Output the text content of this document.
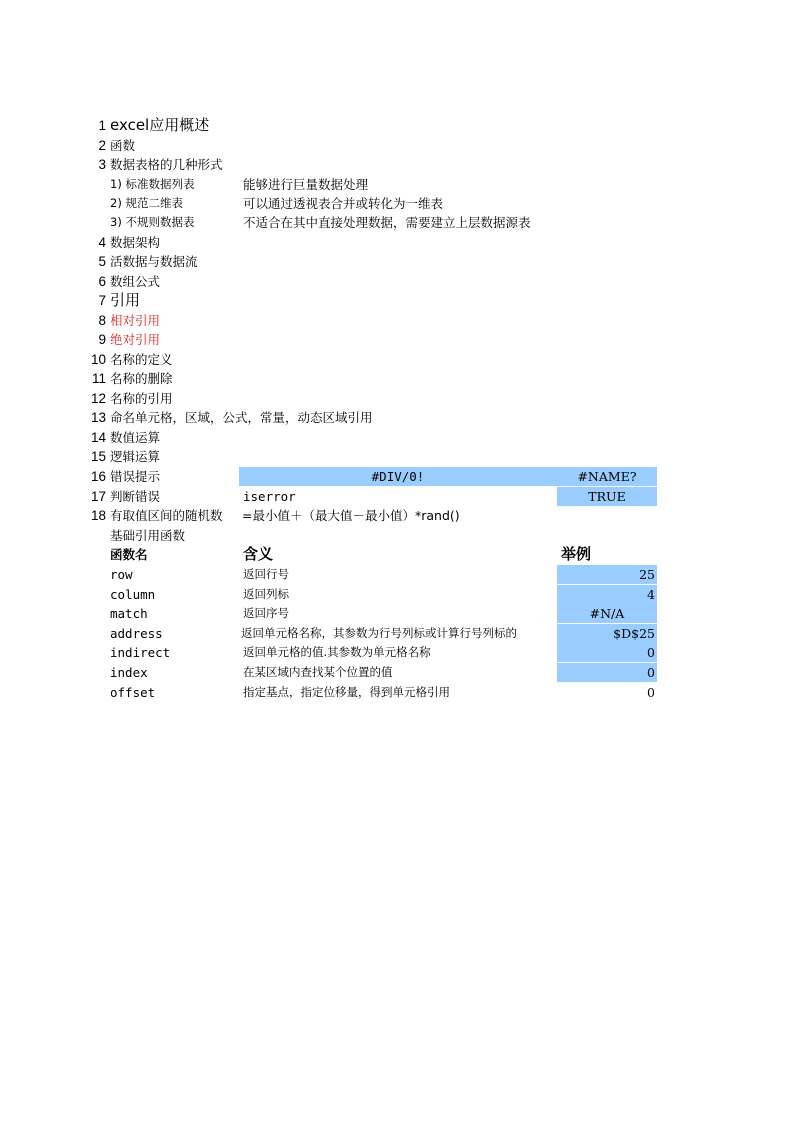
1 excel应用概述
2 函数
3 数据表格的几种形式
1) 标准数据列表	能够进行巨量数据处理
2) 规范二维表	可以通过透视表合并或转化为一维表
3) 不规则数据表	不适合在其中直接处理数据，需要建立上层数据源表
4 数据架构
5 活数据与数据流
6 数组公式
7 引用
8 相对引用
9 绝对引用
10 名称的定义
11 名称的删除
12 名称的引用
13 命名单元格，区域，公式，常量，动态区域引用
14 数值运算
15 逻辑运算
16 错误提示	#DIV/0!	#NAME?
17 判断错误	iserror	TRUE
18 有取值区间的随机数	=最小值＋（最大值－最小值）*rand()
基础引用函数
函数名	含义	举例
row	返回行号	25
column	返回列标	4
match	返回序号	#N/A
address	返回单元格名称，其参数为行号列标或计算行号列标的	$D$25
indirect	返回单元格的值.其参数为单元格名称	0
index	在某区域内查找某个位置的值	0
offset	指定基点，指定位移量，得到单元格引用	0
